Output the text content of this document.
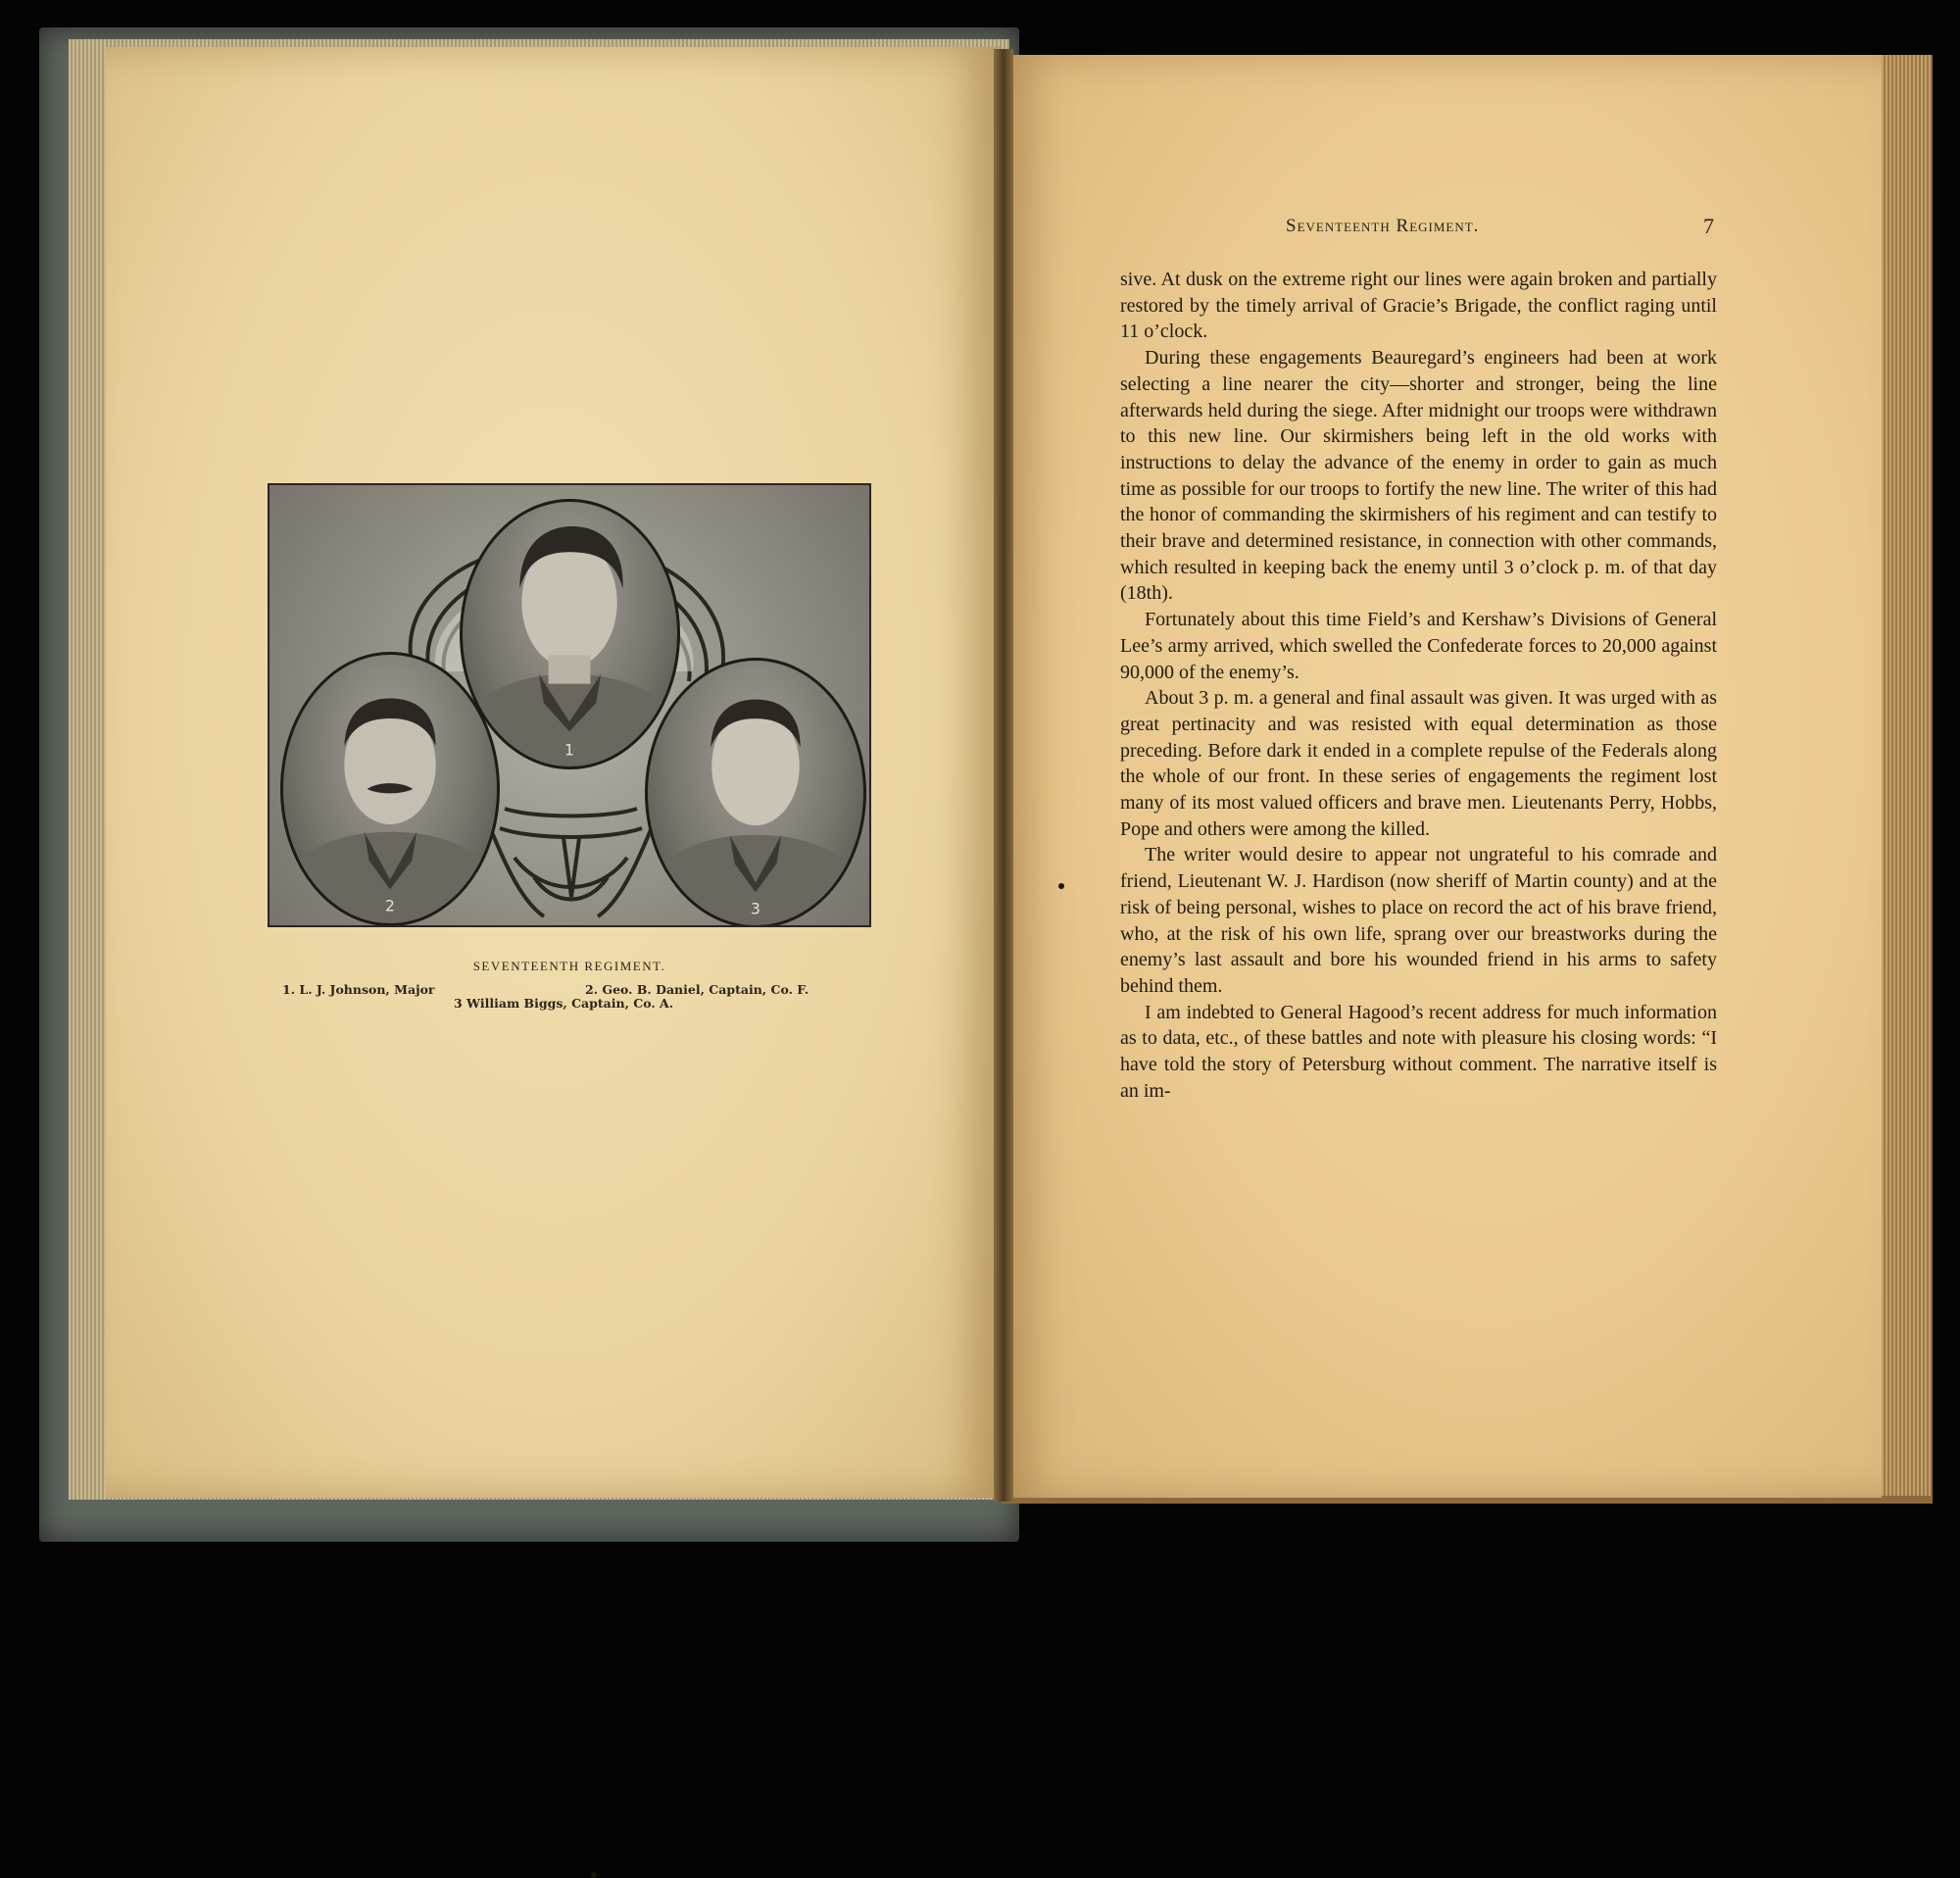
1
2	3
SEVENTEENTH REGIMENT.
1. L. J. Johnson, Major	2. Geo. B. Daniel, Captain, Co. F.
3 William Biggs, Captain, Co. A.
Seventeenth Regiment.	7

sive. At dusk on the extreme right our lines were again broken and partially restored by the timely arrival of Gracie’s Brigade, the conflict raging until 11 o’clock.

During these engagements Beauregard’s engineers had been at work selecting a line nearer the city—shorter and stronger, being the line afterwards held during the siege. After midnight our troops were withdrawn to this new line. Our skirmishers being left in the old works with instructions to delay the advance of the enemy in order to gain as much time as possible for our troops to fortify the new line. The writer of this had the honor of commanding the skirmishers of his regiment and can testify to their brave and determined resistance, in connection with other commands, which resulted in keeping back the enemy until 3 o’clock p. m. of that day (18th).

Fortunately about this time Field’s and Kershaw’s Divisions of General Lee’s army arrived, which swelled the Confederate forces to 20,000 against 90,000 of the enemy’s.

About 3 p. m. a general and final assault was given. It was urged with as great pertinacity and was resisted with equal determination as those preceding. Before dark it ended in a complete repulse of the Federals along the whole of our front. In these series of engagements the regiment lost many of its most valued officers and brave men. Lieutenants Perry, Hobbs, Pope and others were among the killed.

The writer would desire to appear not ungrateful to his comrade and friend, Lieutenant W. J. Hardison (now sheriff of Martin county) and at the risk of being personal, wishes to place on record the act of his brave friend, who, at the risk of his own life, sprang over our breastworks during the enemy’s last assault and bore his wounded friend in his arms to safety behind them.

I am indebted to General Hagood’s recent address for much information as to data, etc., of these battles and note with pleasure his closing words: “I have told the story of Petersburg without comment. The narrative itself is an im-
